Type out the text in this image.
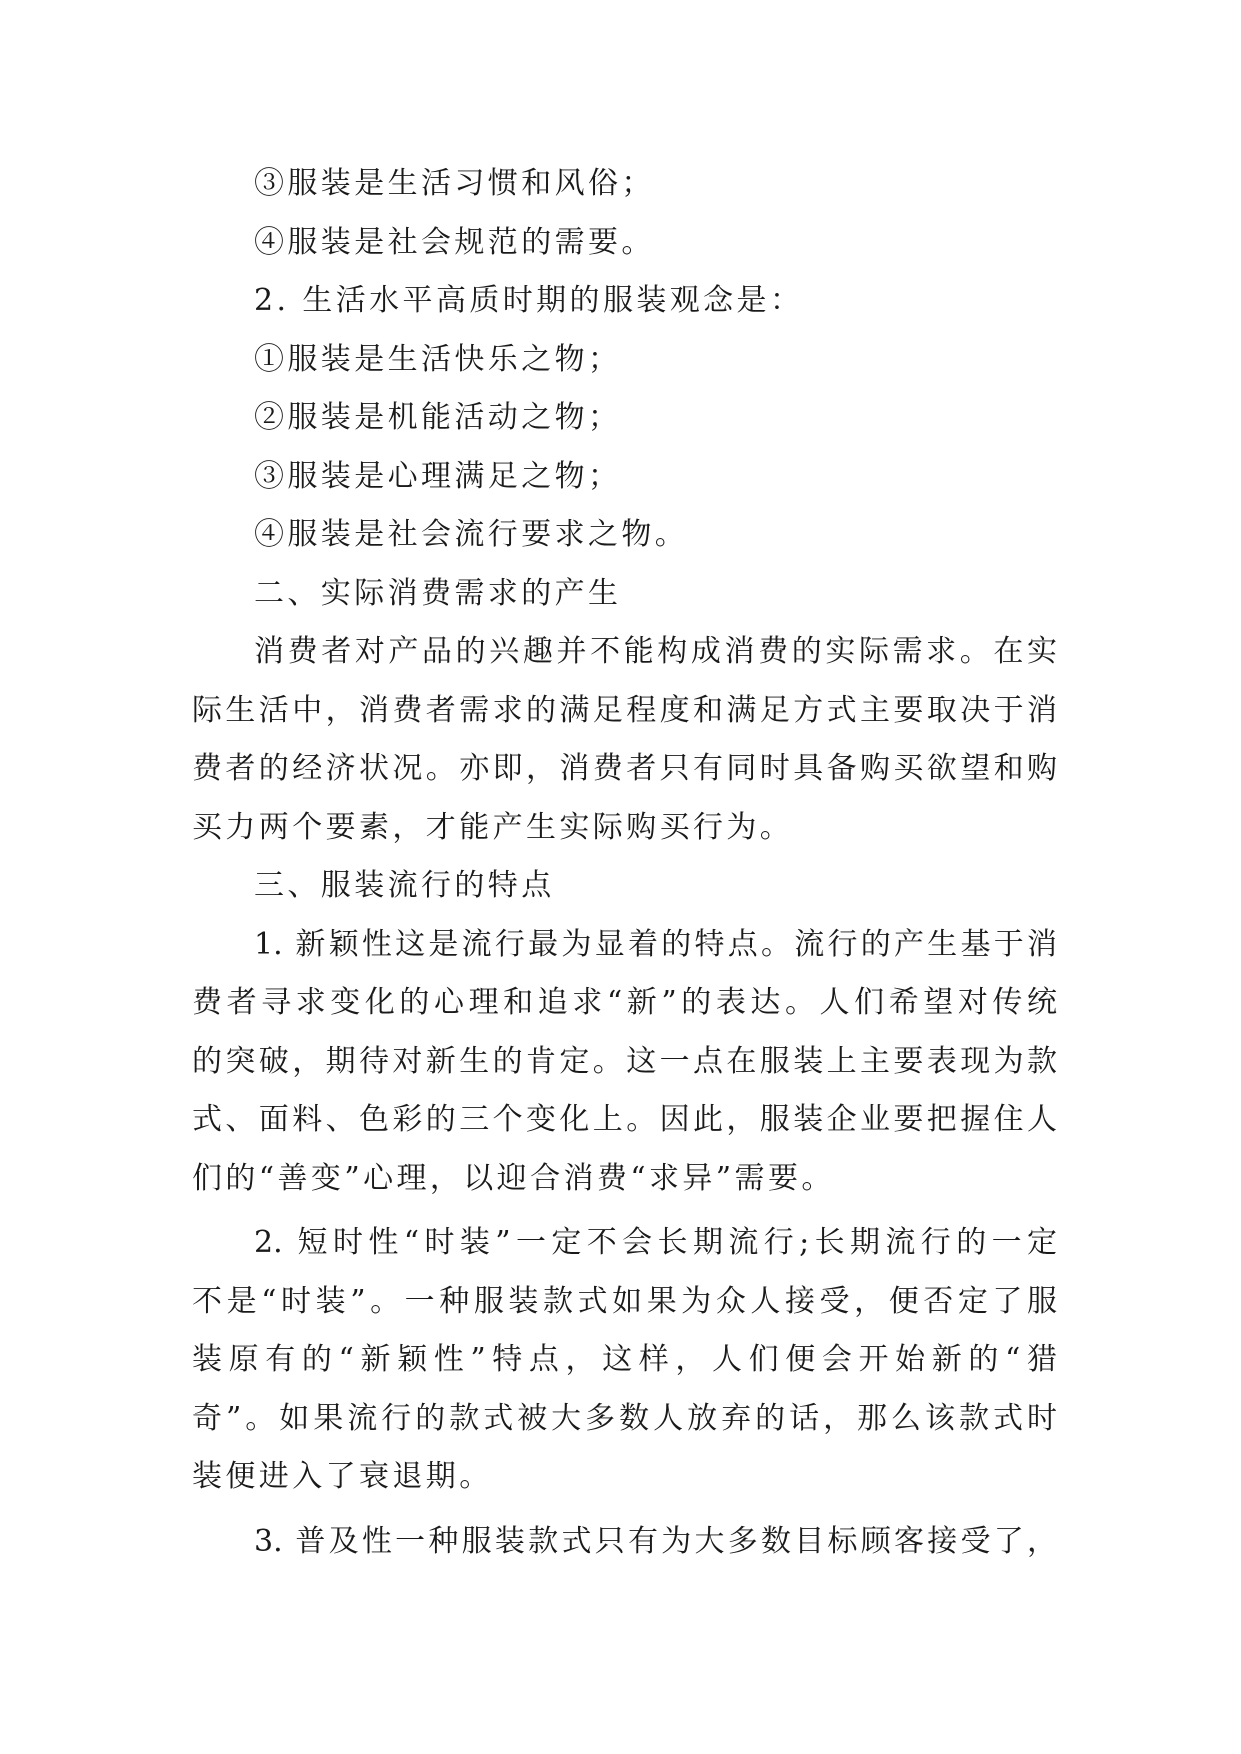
③服装是生活习惯和风俗；
④服装是社会规范的需要。
2. 生活水平高质时期的服装观念是：
①服装是生活快乐之物；
②服装是机能活动之物；
③服装是心理满足之物；
④服装是社会流行要求之物。
二、实际消费需求的产生
消费者对产品的兴趣并不能构成消费的实际需求。在实
际生活中，消费者需求的满足程度和满足方式主要取决于消
费者的经济状况。亦即，消费者只有同时具备购买欲望和购
买力两个要素，才能产生实际购买行为。
三、服装流行的特点
1. 新颖性这是流行最为显着的特点。流行的产生基于消
费者寻求变化的心理和追求“新”的表达。人们希望对传统
的突破，期待对新生的肯定。这一点在服装上主要表现为款
式、面料、色彩的三个变化上。因此，服装企业要把握住人
们的“善变”心理，以迎合消费“求异”需要。
2. 短时性“时装”一定不会长期流行;长期流行的一定
不是“时装”。一种服装款式如果为众人接受，便否定了服
装原有的“新颖性”特点，这样，人们便会开始新的“猎
奇”。如果流行的款式被大多数人放弃的话，那么该款式时
装便进入了衰退期。
3. 普及性一种服装款式只有为大多数目标顾客接受了，
